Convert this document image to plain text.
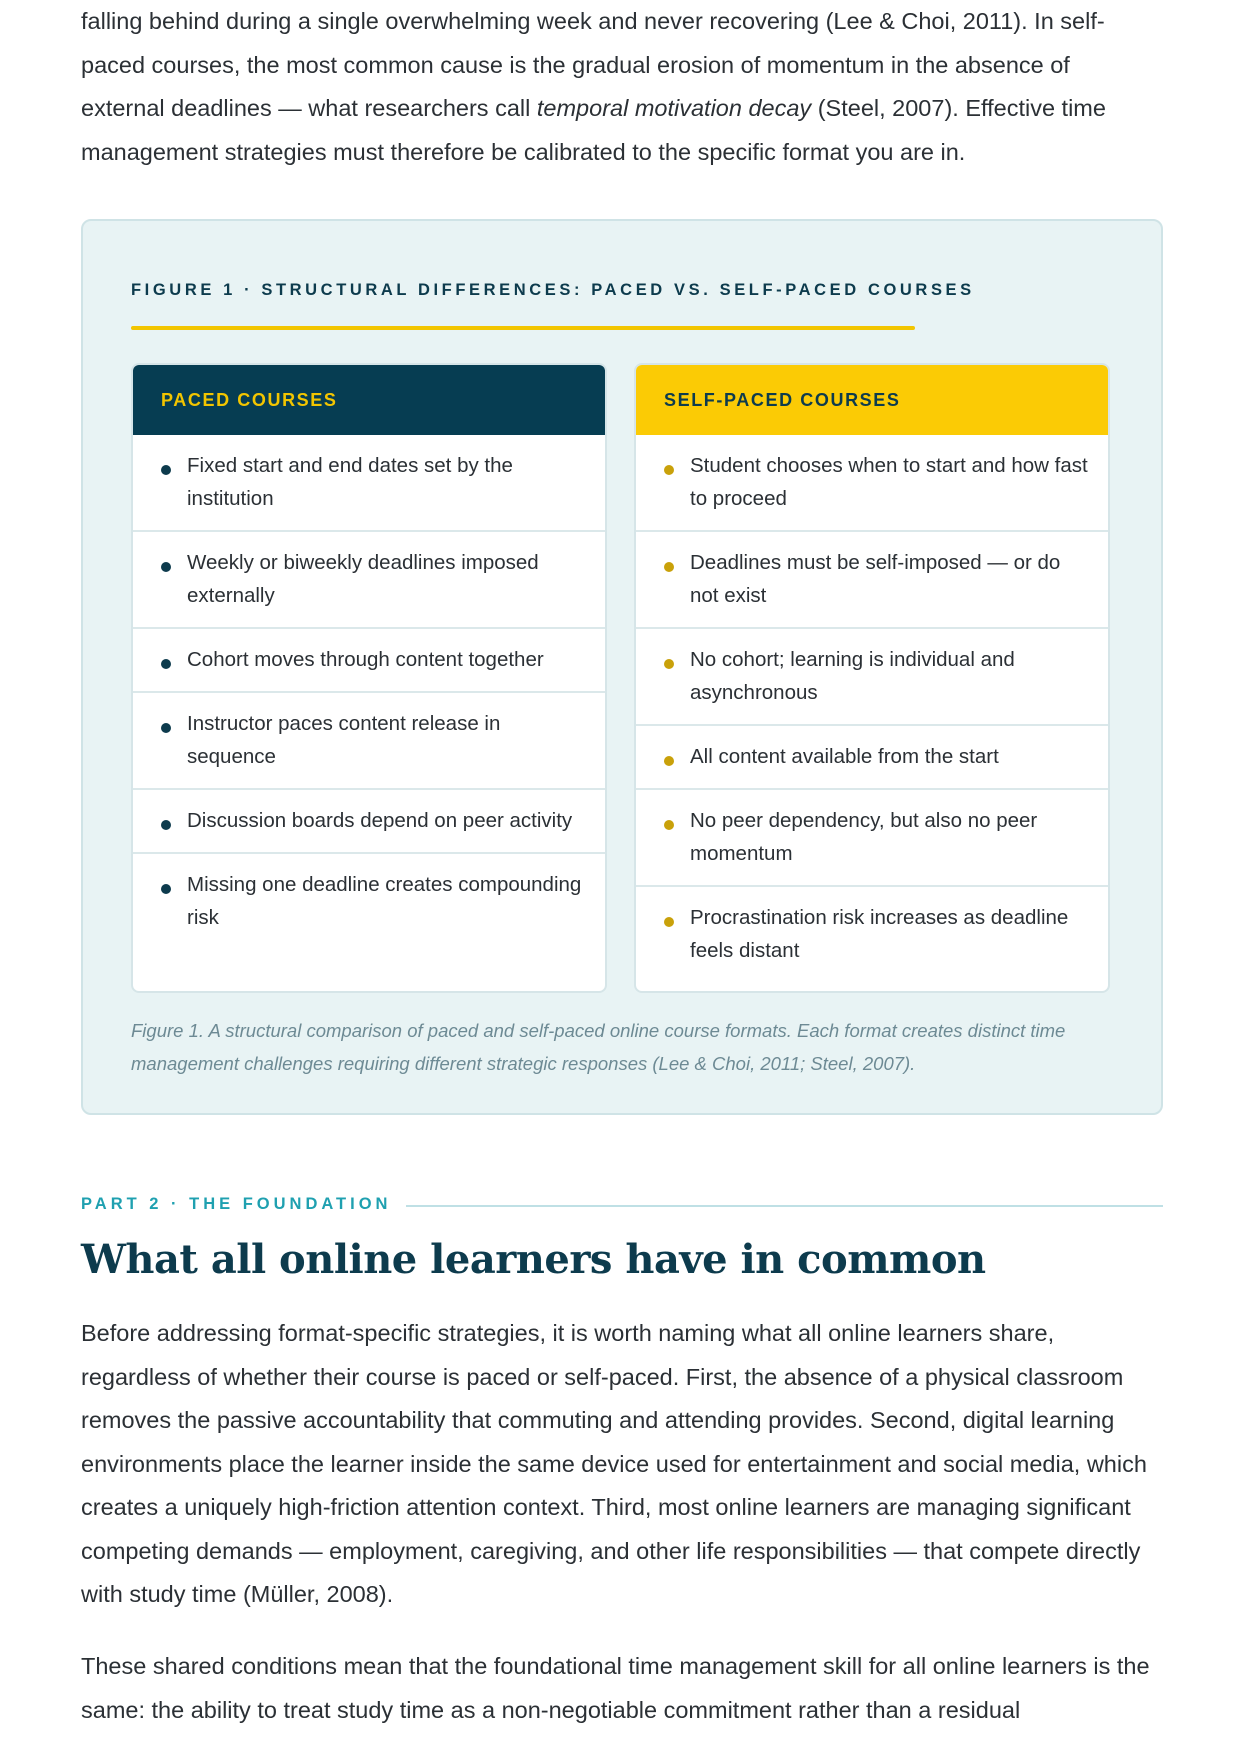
falling behind during a single overwhelming week and never recovering (Lee & Choi, 2011). In self-

paced courses, the most common cause is the gradual erosion of momentum in the absence of

external deadlines — what researchers call temporal motivation decay (Steel, 2007). Effective time

management strategies must therefore be calibrated to the specific format you are in.

FIGURE 1 · STRUCTURAL DIFFERENCES: PACED VS. SELF-PACED COURSES
PACED COURSES
Fixed start and end dates set by the institution
Weekly or biweekly deadlines imposed externally
Cohort moves through content together
Instructor paces content release in sequence
Discussion boards depend on peer activity
Missing one deadline creates compounding risk
SELF-PACED COURSES
Student chooses when to start and how fast to proceed
Deadlines must be self-imposed — or do not exist
No cohort; learning is individual and asynchronous
All content available from the start
No peer dependency, but also no peer momentum
Procrastination risk increases as deadline feels distant
Figure 1. A structural comparison of paced and self-paced online course formats. Each format creates distinct time management challenges requiring different strategic responses (Lee & Choi, 2011; Steel, 2007).
PART 2 · THE FOUNDATION
What all online learners have in common

Before addressing format-specific strategies, it is worth naming what all online learners share, regardless of whether their course is paced or self-paced. First, the absence of a physical classroom removes the passive accountability that commuting and attending provides. Second, digital learning environments place the learner inside the same device used for entertainment and social media, which creates a uniquely high-friction attention context. Third, most online learners are managing significant competing demands — employment, caregiving, and other life responsibilities — that compete directly with study time (Müller, 2008).

These shared conditions mean that the foundational time management skill for all online learners is the same: the ability to treat study time as a non-negotiable commitment rather than a residual
